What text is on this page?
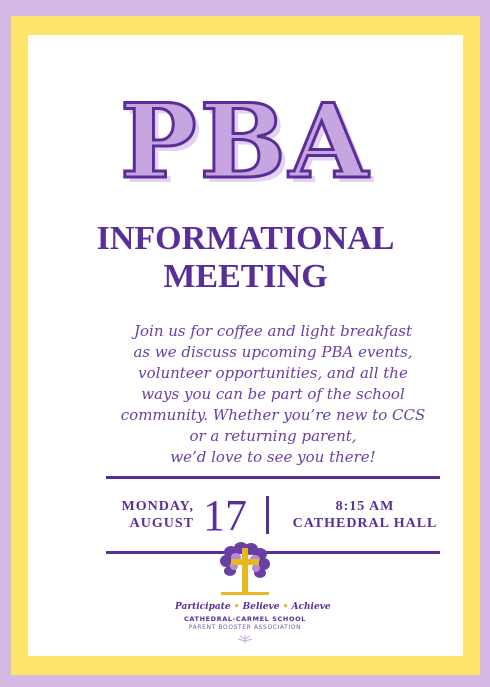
PBA
INFORMATIONAL
MEETING
Join us for coffee and light breakfast
as we discuss upcoming PBA events,
volunteer opportunities, and all the
ways you can be part of the school
community. Whether you’re new to CCS
or a returning parent,
we’d love to see you there!
MONDAY,
AUGUST 17	8:15 AM
CATHEDRAL HALL
Participate • Believe • Achieve
CATHEDRAL-CARMEL SCHOOL
PARENT BOOSTER ASSOCIATION
